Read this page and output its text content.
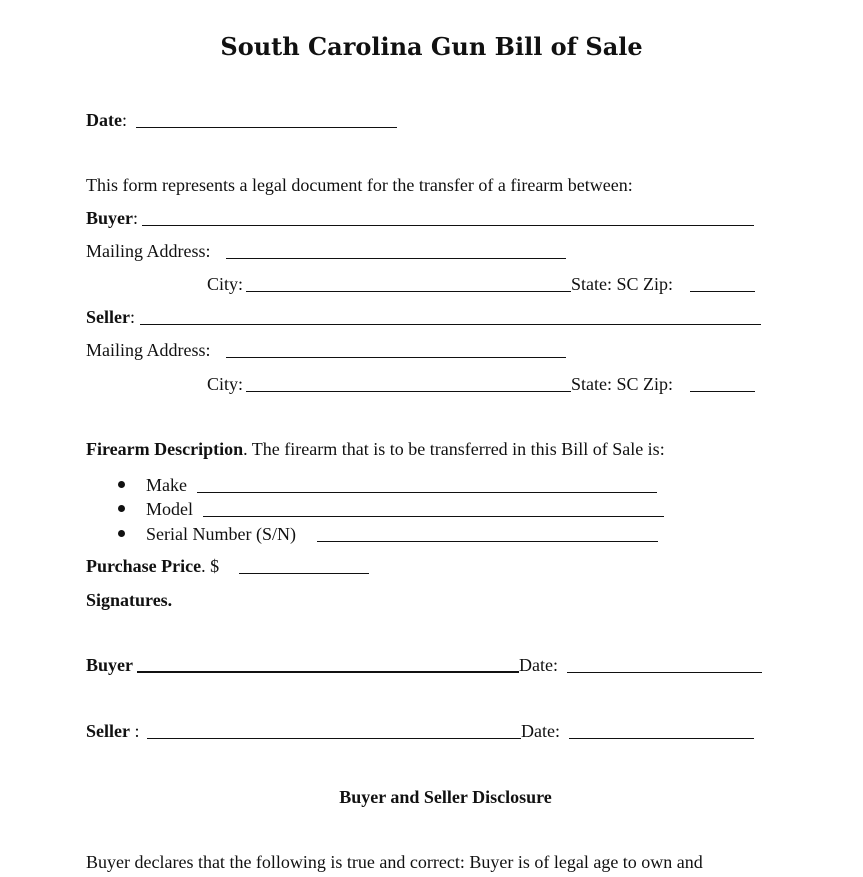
South Carolina Gun Bill of Sale
Date:
This form represents a legal document for the transfer of a firearm between:
Buyer:
Mailing Address:
City:	State: SC Zip:
Seller:
Mailing Address:
City:	State: SC Zip:
Firearm Description. The firearm that is to be transferred in this Bill of Sale is:
Make
Model
Serial Number (S/N)
Purchase Price. $
Signatures.
Buyer	Date:
Seller :	Date:
Buyer and Seller Disclosure
Buyer declares that the following is true and correct: Buyer is of legal age to own and
